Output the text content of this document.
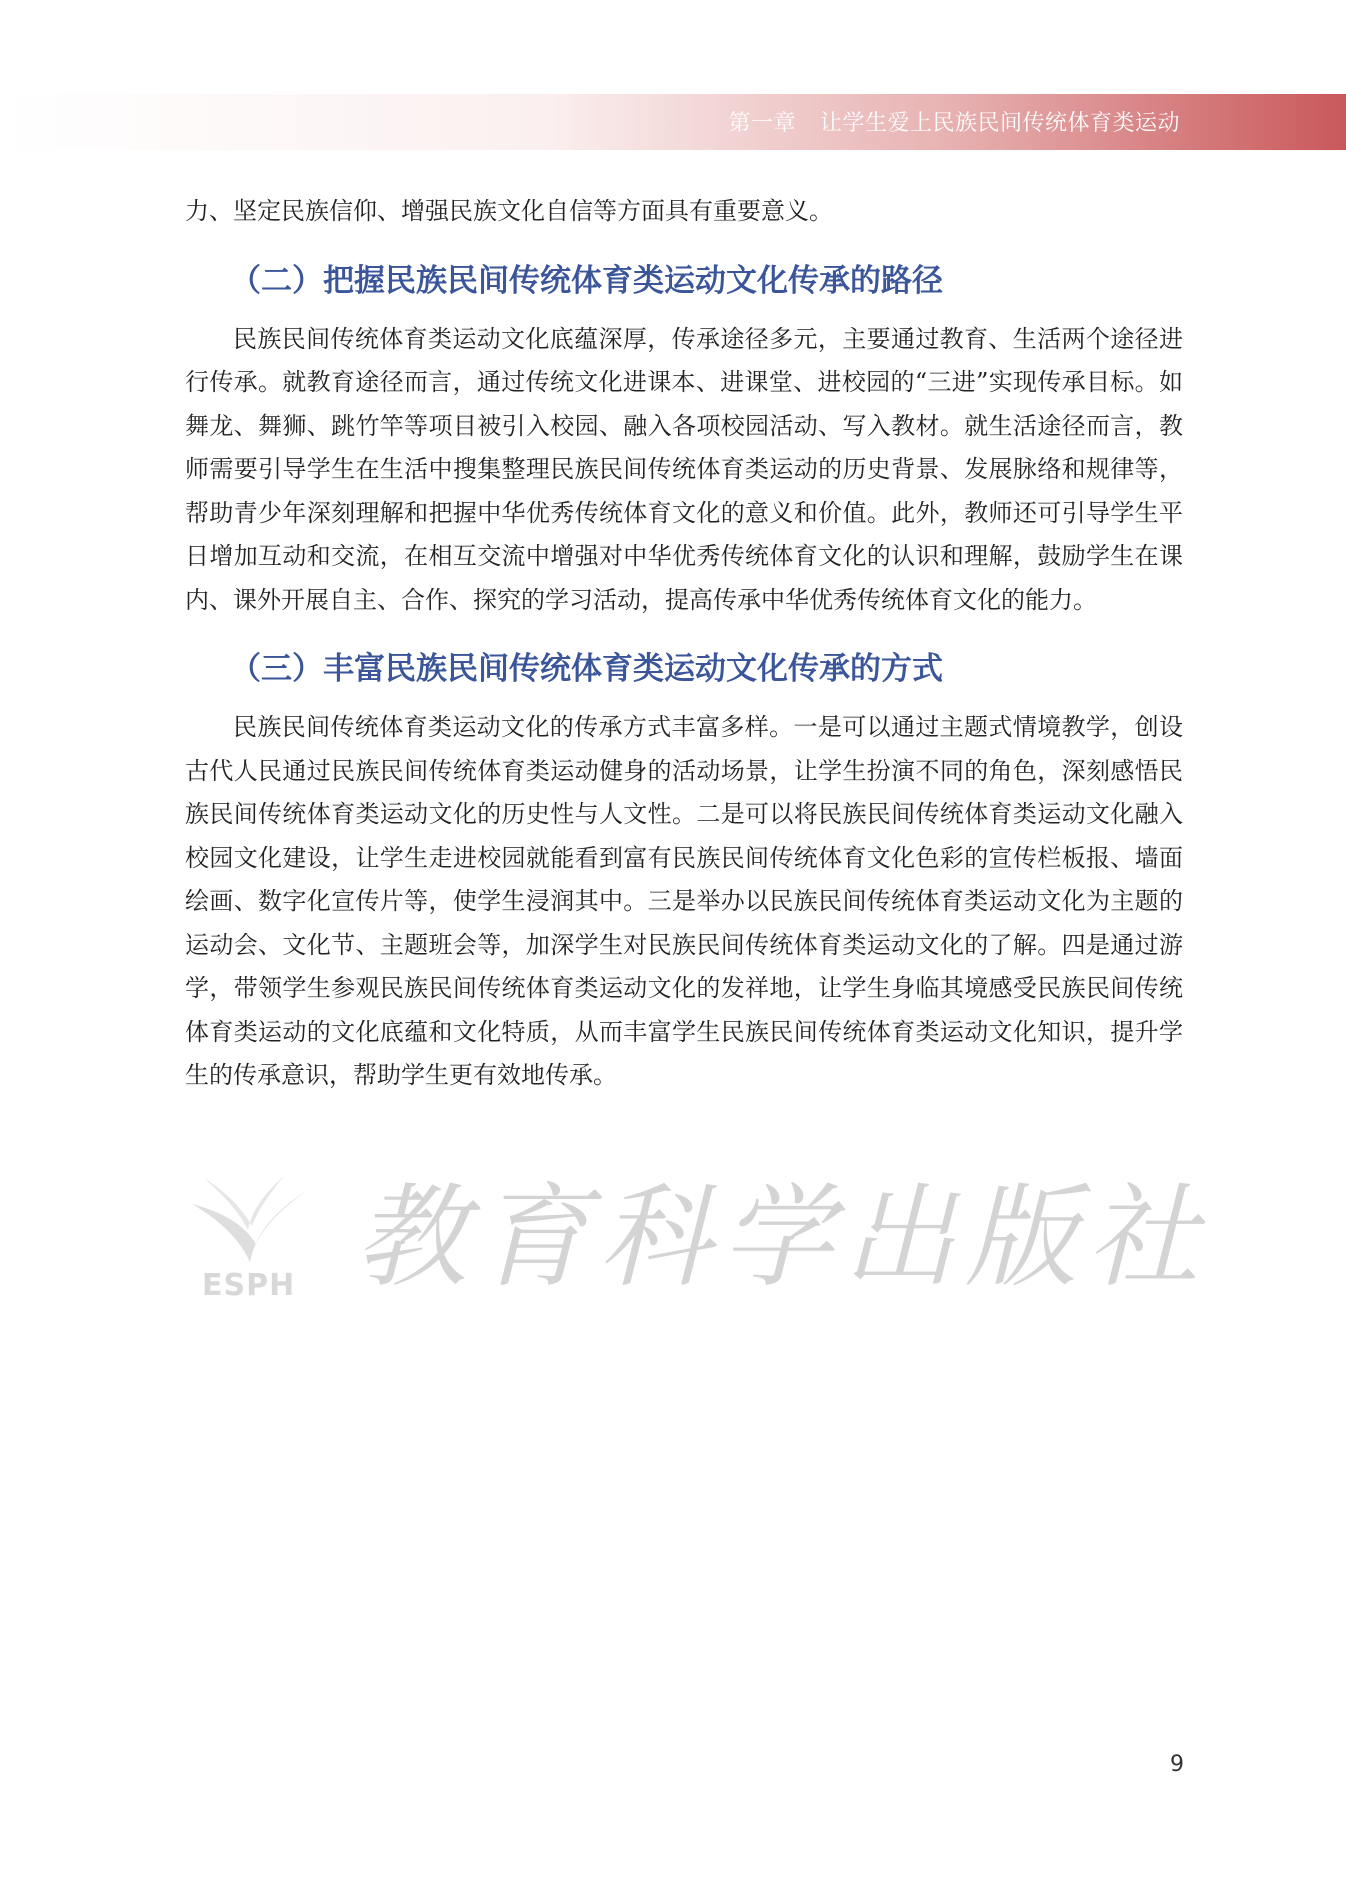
第一章 让学生爱上民族民间传统体育类运动

力、坚定民族信仰、增强民族文化自信等方面具有重要意义。

（二）把握民族民间传统体育类运动文化传承的路径

民族民间传统体育类运动文化底蕴深厚，传承途径多元，主要通过教育、生活两个途径进行传承。就教育途径而言，通过传统文化进课本、进课堂、进校园的“三进”实现传承目标。如舞龙、舞狮、跳竹竿等项目被引入校园、融入各项校园活动、写入教材。就生活途径而言，教师需要引导学生在生活中搜集整理民族民间传统体育类运动的历史背景、发展脉络和规律等，帮助青少年深刻理解和把握中华优秀传统体育文化的意义和价值。此外，教师还可引导学生平日增加互动和交流，在相互交流中增强对中华优秀传统体育文化的认识和理解，鼓励学生在课内、课外开展自主、合作、探究的学习活动，提高传承中华优秀传统体育文化的能力。

（三）丰富民族民间传统体育类运动文化传承的方式

民族民间传统体育类运动文化的传承方式丰富多样。一是可以通过主题式情境教学，创设古代人民通过民族民间传统体育类运动健身的活动场景，让学生扮演不同的角色，深刻感悟民族民间传统体育类运动文化的历史性与人文性。二是可以将民族民间传统体育类运动文化融入校园文化建设，让学生走进校园就能看到富有民族民间传统体育文化色彩的宣传栏板报、墙面绘画、数字化宣传片等，使学生浸润其中。三是举办以民族民间传统体育类运动文化为主题的运动会、文化节、主题班会等，加深学生对民族民间传统体育类运动文化的了解。四是通过游学，带领学生参观民族民间传统体育类运动文化的发祥地，让学生身临其境感受民族民间传统体育类运动的文化底蕴和文化特质，从而丰富学生民族民间传统体育类运动文化知识，提升学生的传承意识，帮助学生更有效地传承。

ESPH 教育科学出版社
9
